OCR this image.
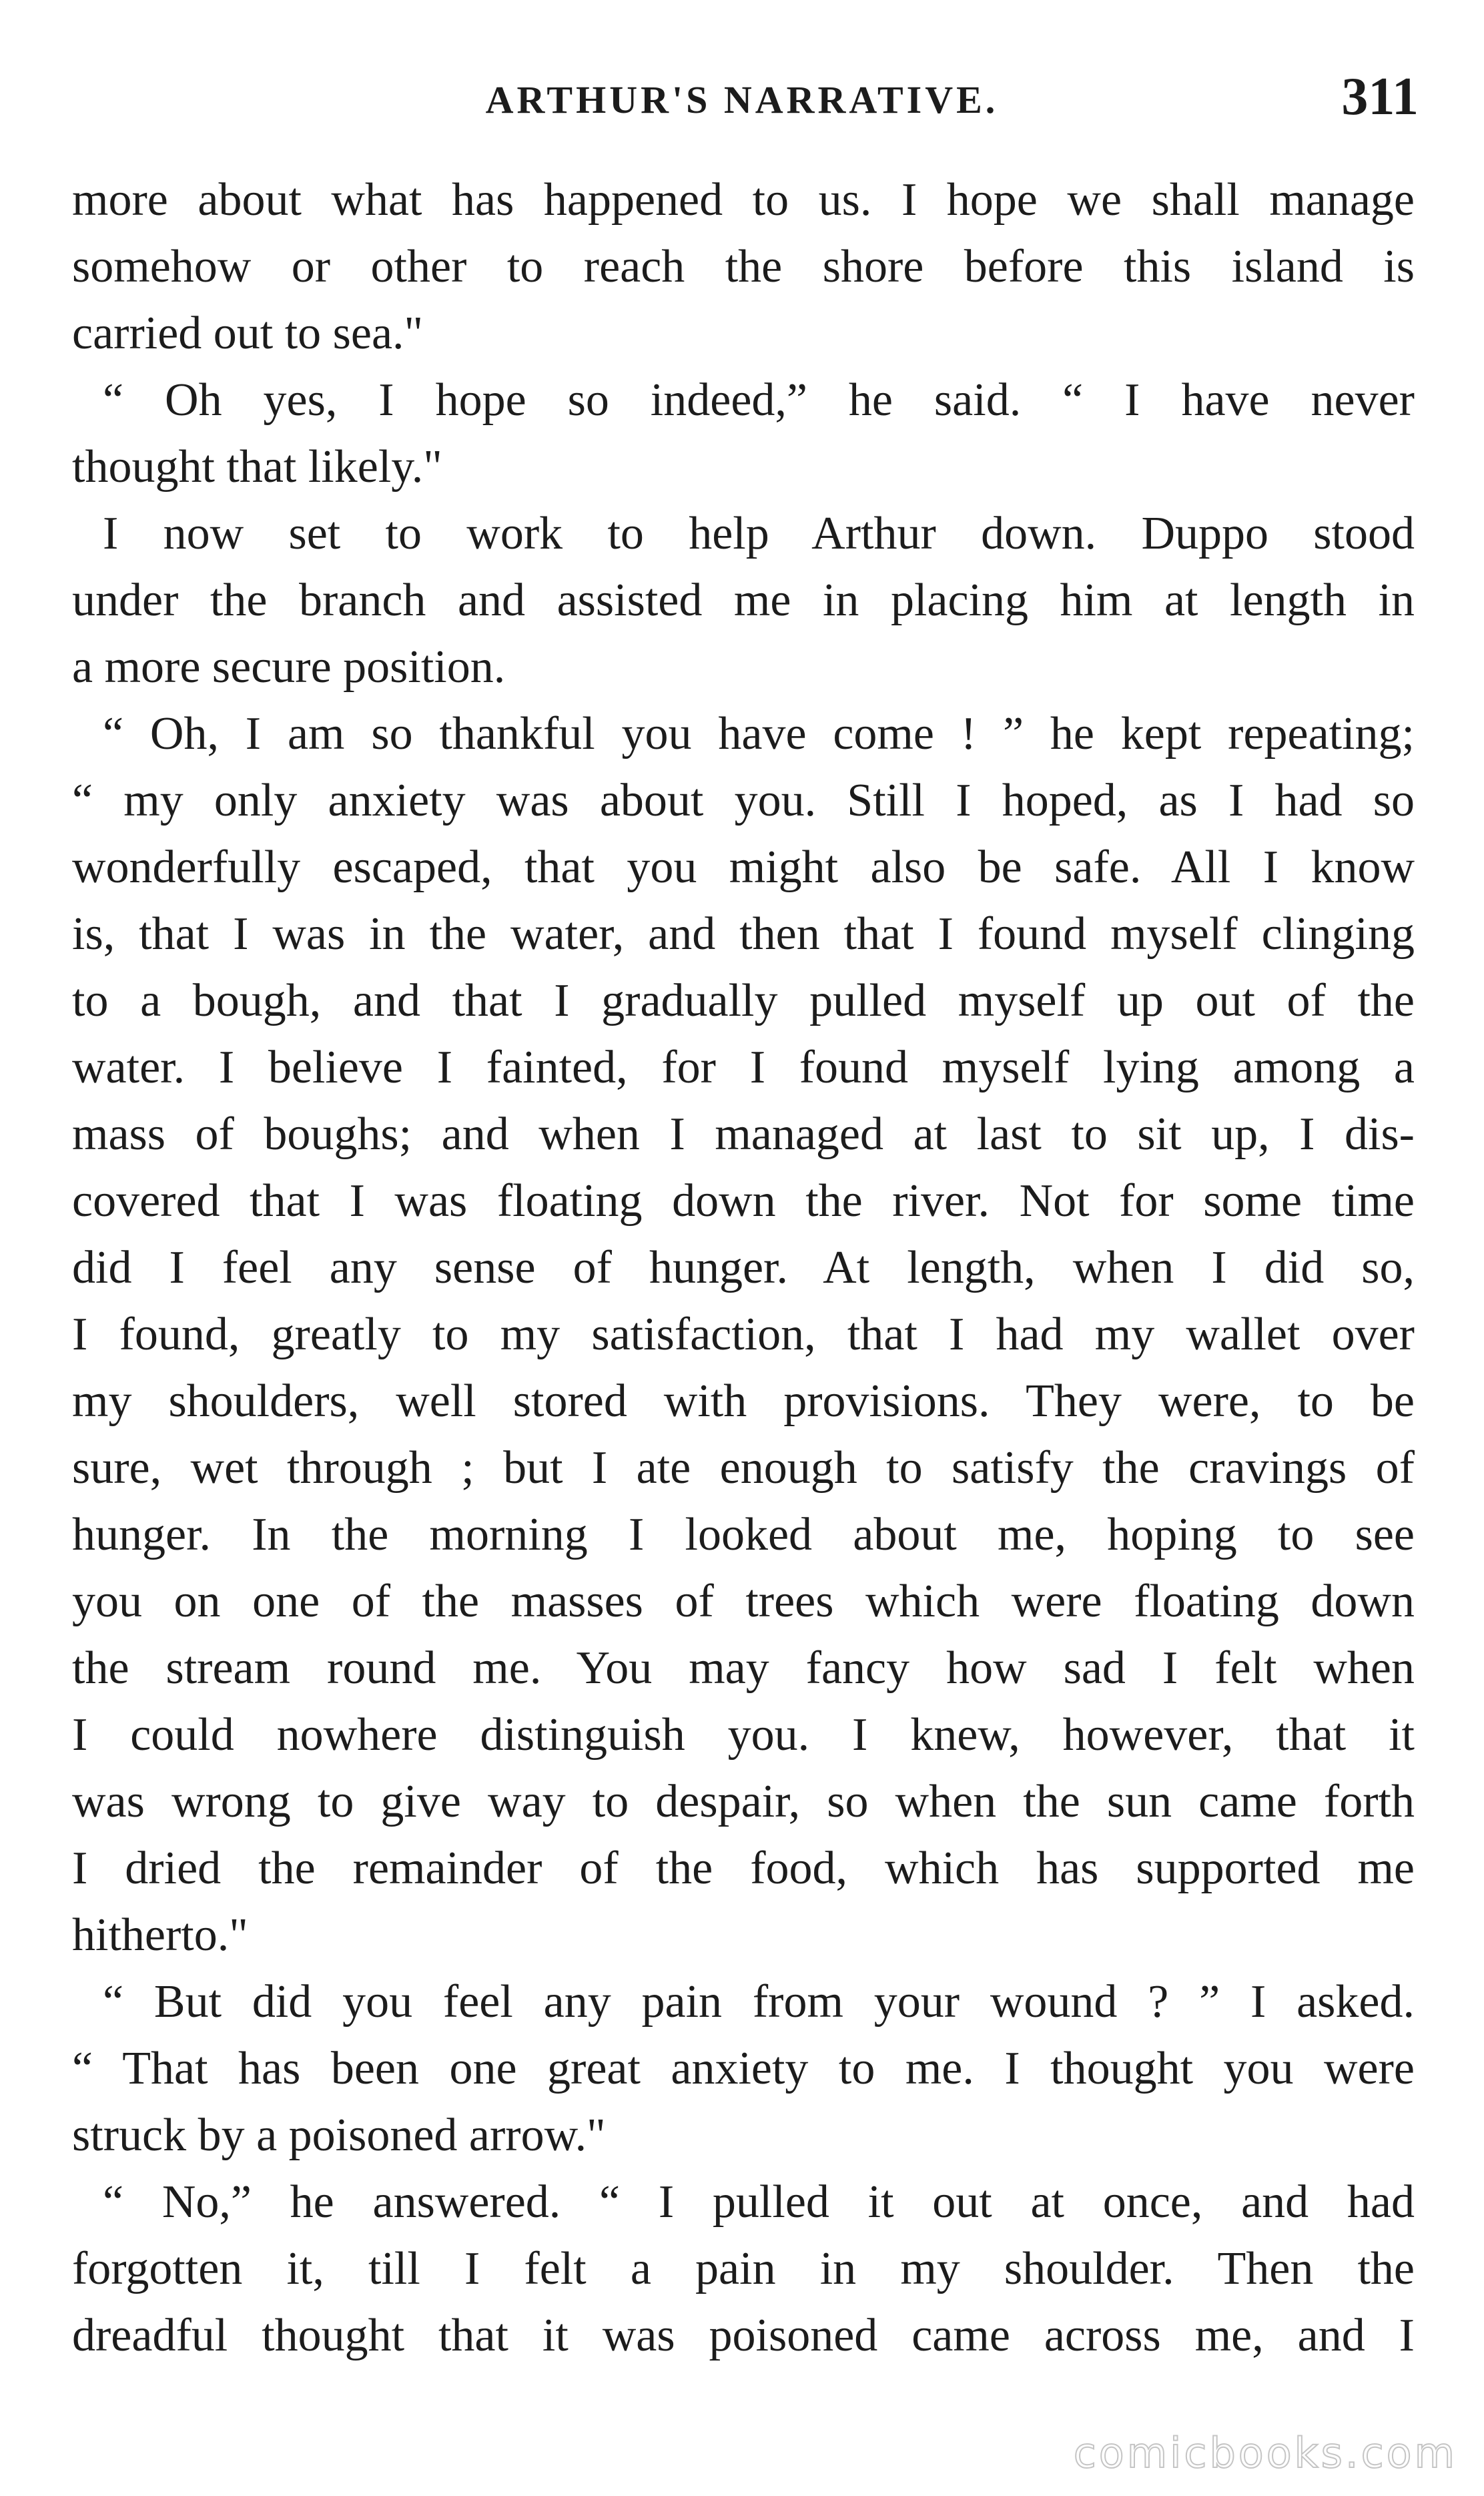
ARTHUR'S NARRATIVE.	311
more about what has happened to us. I hope we shall manage
somehow or other to reach the shore before this island is
carried out to sea."
“ Oh yes, I hope so indeed,” he said. “ I have never
thought that likely."
I now set to work to help Arthur down. Duppo stood
under the branch and assisted me in placing him at length in
a more secure position.
“ Oh, I am so thankful you have come ! ” he kept repeating;
“ my only anxiety was about you. Still I hoped, as I had so
wonderfully escaped, that you might also be safe. All I know
is, that I was in the water, and then that I found myself clinging
to a bough, and that I gradually pulled myself up out of the
water. I believe I fainted, for I found myself lying among a
mass of boughs; and when I managed at last to sit up, I dis-
covered that I was floating down the river. Not for some time
did I feel any sense of hunger. At length, when I did so,
I found, greatly to my satisfaction, that I had my wallet over
my shoulders, well stored with provisions. They were, to be
sure, wet through ; but I ate enough to satisfy the cravings of
hunger. In the morning I looked about me, hoping to see
you on one of the masses of trees which were floating down
the stream round me. You may fancy how sad I felt when
I could nowhere distinguish you. I knew, however, that it
was wrong to give way to despair, so when the sun came forth
I dried the remainder of the food, which has supported me
hitherto."
“ But did you feel any pain from your wound ? ” I asked.
“ That has been one great anxiety to me. I thought you were
struck by a poisoned arrow."
“ No,” he answered. “ I pulled it out at once, and had
forgotten it, till I felt a pain in my shoulder. Then the
dreadful thought that it was poisoned came across me, and I
comicbooks.com
